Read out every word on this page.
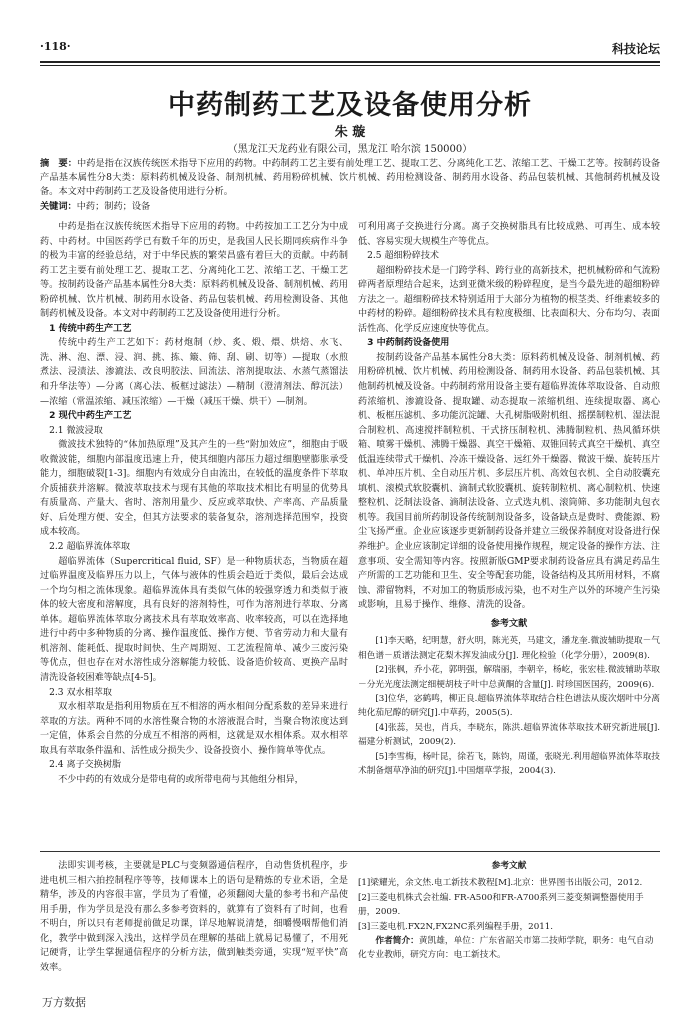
·118·	科技论坛
中药制药工艺及设备使用分析
朱 璇
（黑龙江天龙药业有限公司，黑龙江 哈尔滨 150000）
摘　要：中药是指在汉族传统医术指导下应用的药物。中药制药工艺主要有前处理工艺、提取工艺、分离纯化工艺、浓缩工艺、干燥工艺等。按制药设备产品基本属性分8大类：原料药机械及设备、制剂机械、药用粉碎机械、饮片机械、药用检测设备、制药用水设备、药品包装机械、其他制药机械及设备。本文对中药制药工艺及设备使用进行分析。
关键词：中药；制药；设备

中药是指在汉族传统医术指导下应用的药物。中药按加工工艺分为中成药、中药材。中国医药学已有数千年的历史，是我国人民长期同疾病作斗争的极为丰富的经验总结，对于中华民族的繁荣昌盛有着巨大的贡献。中药制药工艺主要有前处理工艺、提取工艺、分离纯化工艺、浓缩工艺、干燥工艺等。按制药设备产品基本属性分8大类：原料药机械及设备、制剂机械、药用粉碎机械、饮片机械、制药用水设备、药品包装机械、药用检测设备、其他制药机械及设备。本文对中药制药工艺及设备使用进行分析。

1 传统中药生产工艺

传统中药生产工艺如下：药材炮制（炒、炙、煅、煨、烘焙、水飞、洗、淋、泡、漂、浸、润、挑、拣、簸、筛、刮、刷、切等）—提取（水煎煮法、浸渍法、渗漉法、改良明胶法、回流法、溶剂提取法、水蒸气蒸馏法和升华法等）—分离（离心法、板框过滤法）—精制（澄清剂法、醇沉法）—浓缩（常温浓缩、减压浓缩）—干燥（减压干燥、烘干）—制剂。

2 现代中药生产工艺
2.1 微波浸取

微波技术独特的“体加热原理”及其产生的一些“附加效应”，细胞由于吸收微波能，细胞内部温度迅速上升，使其细胞内部压力超过细胞壁膨胀承受能力，细胞破裂[1-3]。细胞内有效成分自由流出，在较低的温度条件下萃取介质捕获并溶解。微波萃取技术与现有其他的萃取技术相比有明显的优势具有质量高、产量大、省时、溶剂用量少、反应或萃取快、产率高、产品质量好、后处理方便、安全，但其方法要求的装备复杂，溶剂选择范围窄，投资成本较高。

2.2 超临界流体萃取

超临界流体（Supercritical fluid, SF）是一种物质状态，当物质在超过临界温度及临界压力以上，气体与液体的性质会趋近于类似，最后会达成一个均匀相之流体现象。超临界流体具有类似气体的较强穿透力和类似于液体的较大密度和溶解度，具有良好的溶剂特性，可作为溶剂进行萃取、分离单体。超临界流体萃取分离技术具有萃取效率高、收率较高，可以在选择地进行中药中多种物质的分离、操作温度低、操作方便、节省劳动力和大量有机溶剂、能耗低、提取时间快、生产周期短、工艺流程简单、减少三废污染等优点，但也存在对水溶性成分溶解能力较低、设备造价较高、更换产品时清洗设备较困难等缺点[4-5]。

2.3 双水相萃取

双水相萃取是指利用物质在互不相溶的两水相间分配系数的差异来进行萃取的方法。两种不同的水溶性聚合物的水溶液混合时，当聚合物浓度达到一定值，体系会自然的分成互不相溶的两相，这就是双水相体系。双水相萃取具有萃取条件温和、活性成分损失少、设备投资小、操作简单等优点。

2.4 离子交换树脂

不少中药的有效成分是带电荷的或所带电荷与其他组分相异，

可利用离子交换进行分离。离子交换树脂具有比较成熟、可再生、成本较低、容易实现大规模生产等优点。

2.5 超细粉碎技术

超细粉碎技术是一门跨学科、跨行业的高新技术，把机械粉碎和气流粉碎两者原理结合起来，达到亚微米级的粉碎程度，是当今最先进的超细粉碎方法之一。超细粉碎技术特别适用于大部分为植物的根茎类、纤维素较多的中药材的粉碎。超细粉碎技术具有粒度极细、比表面积大、分布均匀、表面活性高、化学反应速度快等优点。

3 中药制药设备使用

按制药设备产品基本属性分8大类：原料药机械及设备、制剂机械、药用粉碎机械、饮片机械、药用检测设备、制药用水设备、药品包装机械、其他制药机械及设备。中药制药常用设备主要有超临界流体萃取设备、自动煎药浓缩机、渗漉设备、提取罐、动态提取－浓缩机组、连续提取器、离心机、板框压滤机、多功能沉淀罐、大孔树脂吸附机组、摇摆制粒机、湿法混合制粒机、高速搅拌制粒机、干式挤压制粒机、沸腾制粒机、热风循环烘箱、喷雾干燥机、沸腾干燥器、真空干燥箱、双锥回转式真空干燥机、真空低温连续带式干燥机、冷冻干燥设备、远红外干燥器、微波干燥、旋转压片机、单冲压片机、全自动压片机、多层压片机、高效包衣机、全自动胶囊充填机、滚模式软胶囊机、滴制式软胶囊机、旋转制粒机、离心制粒机、快速整粒机、泛制法设备、滴制法设备、立式选丸机、滚筒筛、多功能制丸包衣机等。我国目前所药制设备传统制剂设备多，设备缺点是费时、费能源、粉尘飞扬严重。企业应该逐步更新制药设备并建立三级保养制度对设备进行保养维护。企业应该制定详细的设备使用操作规程，规定设备的操作方法、注意事项、安全需知等内容。按照新版GMP要求制药设备应具有满足药品生产所需的工艺功能和卫生、安全等配套功能，设备结构及其所用材料，不腐蚀、滞留物料，不对加工的物质形成污染，也不对生产以外的环境产生污染或影响，且易于操作、维修、清洗的设备。

参考文献

[1]李天略，纪明慧，舒火明，陈光英，马建文，潘龙奎.微波辅助提取－气相色谱－质谱法测定花梨木挥发油成分[J]. 理化检验（化学分册），2009(8).

[2]张枫，乔小花，郭明强，解瑞丽，李朝辛，杨屹，张宏桂.微波辅助萃取－分光光度法测定细梗胡枝子叶中总黄酮的含量[J]. 时珍国医国药，2009(6).

[3]位华，宓鹤鸣，柳正良.超临界流体萃取结合柱色谱法从废次烟叶中分离纯化茄尼醇的研究[J].中草药，2005(5).

[4]张蕊，吴也，肖兵，李晓东，陈洪.超临界流体萃取技术研究新进展[J].福建分析测试，2009(2).

[5]李雪梅，杨叶昆，徐若飞，陈钧，周谨，张晓光.利用超临界流体萃取技术制备烟草净油的研究[J].中国烟草学报，2004(3).

法即实训考核，主要就是PLC与变频器通信程序，自动售货机程序，步进电机三相六拍控制程序等等，技师课本上的语句是精炼的专业术语，全是精华，涉及的内容很丰富，学员为了看懂，必须翻阅大量的参考书和产品使用手册，作为学员是没有那么多参考资料的，就算有了资料有了时间，也看不明白，所以只有老师提前做足功课，详尽地解说清楚，细嚼慢咽帮他们消化，教学中做到深入浅出，这样学员在理解的基础上就易记易懂了，不用死记硬背，让学生掌握通信程序的分析方法，做到触类旁通，实现“短平快”高效率。

参考文献

[1]梁耀光，余文烋.电工新技术教程[M].北京：世界图书出版公司，2012.

[2]三菱电机株式会社编. FR-A500和FR-A700系列三菱变频调整器使用手册，2009.

[3]三菱电机.FX2N,FX2NC系列编程手册，2011.

作者简介：黄凯雄，单位：广东省韶关市第二技师学院，职务：电气自动化专业教师，研究方向：电工新技术。

万方数据
